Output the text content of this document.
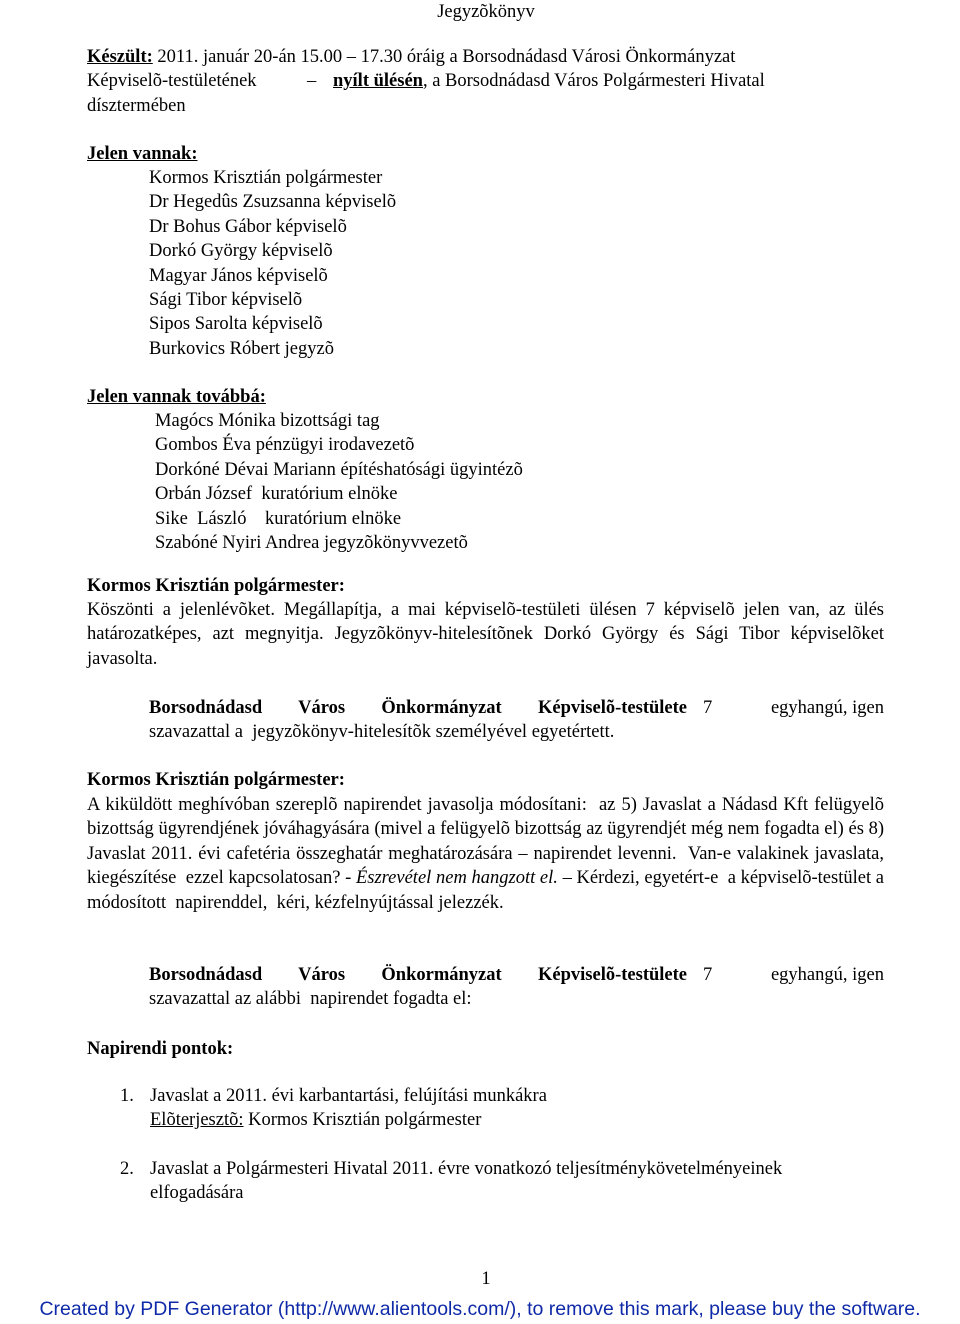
Jegyzõkönyv
Készült: 2011. január 20-án 15.00 – 17.30 óráig a Borsodnádasd Városi Önkormányzat
Képviselõ-testületének	– nyílt ülésén, a Borsodnádasd Város Polgármesteri Hivatal
dísztermében
Jelen vannak:
Kormos Krisztián polgármester
Dr Hegedûs Zsuzsanna képviselõ
Dr Bohus Gábor képviselõ
Dorkó György képviselõ
Magyar János képviselõ
Sági Tibor képviselõ
Sipos Sarolta képviselõ
Burkovics Róbert jegyzõ
Jelen vannak továbbá:
Magócs Mónika bizottsági tag
Gombos Éva pénzügyi irodavezetõ
Dorkóné Dévai Mariann építéshatósági ügyintézõ
Orbán József  kuratórium elnöke
Sike  László    kuratórium elnöke
Szabóné Nyiri Andrea jegyzõkönyvvezetõ
Kormos Krisztián polgármester:
Köszönti a jelenlévõket. Megállapítja, a mai képviselõ-testületi ülésen 7 képviselõ jelen van, az ülés határozatképes, azt megnyitja. Jegyzõkönyv-hitelesítõnek Dorkó György és Sági Tibor képviselõket javasolta.
Borsodnádasd Város Önkormányzat Képviselõ-testülete 7	egyhangú, igen
szavazattal a  jegyzõkönyv-hitelesítõk személyével egyetértett.
Kormos Krisztián polgármester:
A kiküldött meghívóban szereplõ napirendet javasolja módosítani:  az 5) Javaslat a Nádasd Kft felügyelõ bizottság ügyrendjének jóváhagyására (mivel a felügyelõ bizottság az ügyrendjét még nem fogadta el) és 8) Javaslat 2011. évi cafetéria összeghatár meghatározására – napirendet levenni.  Van-e valakinek javaslata, kiegészítése  ezzel kapcsolatosan? - Észrevétel nem hangzott el. – Kérdezi, egyetért-e  a képviselõ-testület a módosított  napirenddel,  kéri, kézfelnyújtással jelezzék.
Borsodnádasd Város Önkormányzat Képviselõ-testülete 7	egyhangú, igen
szavazattal az alábbi  napirendet fogadta el:
Napirendi pontok:
1. Javaslat a 2011. évi karbantartási, felújítási munkákra
Elõterjesztõ: Kormos Krisztián polgármester
2. Javaslat a Polgármesteri Hivatal 2011. évre vonatkozó teljesítménykövetelményeinek
elfogadására
1
Created by PDF Generator (http://www.alientools.com/), to remove this mark, please buy the software.
